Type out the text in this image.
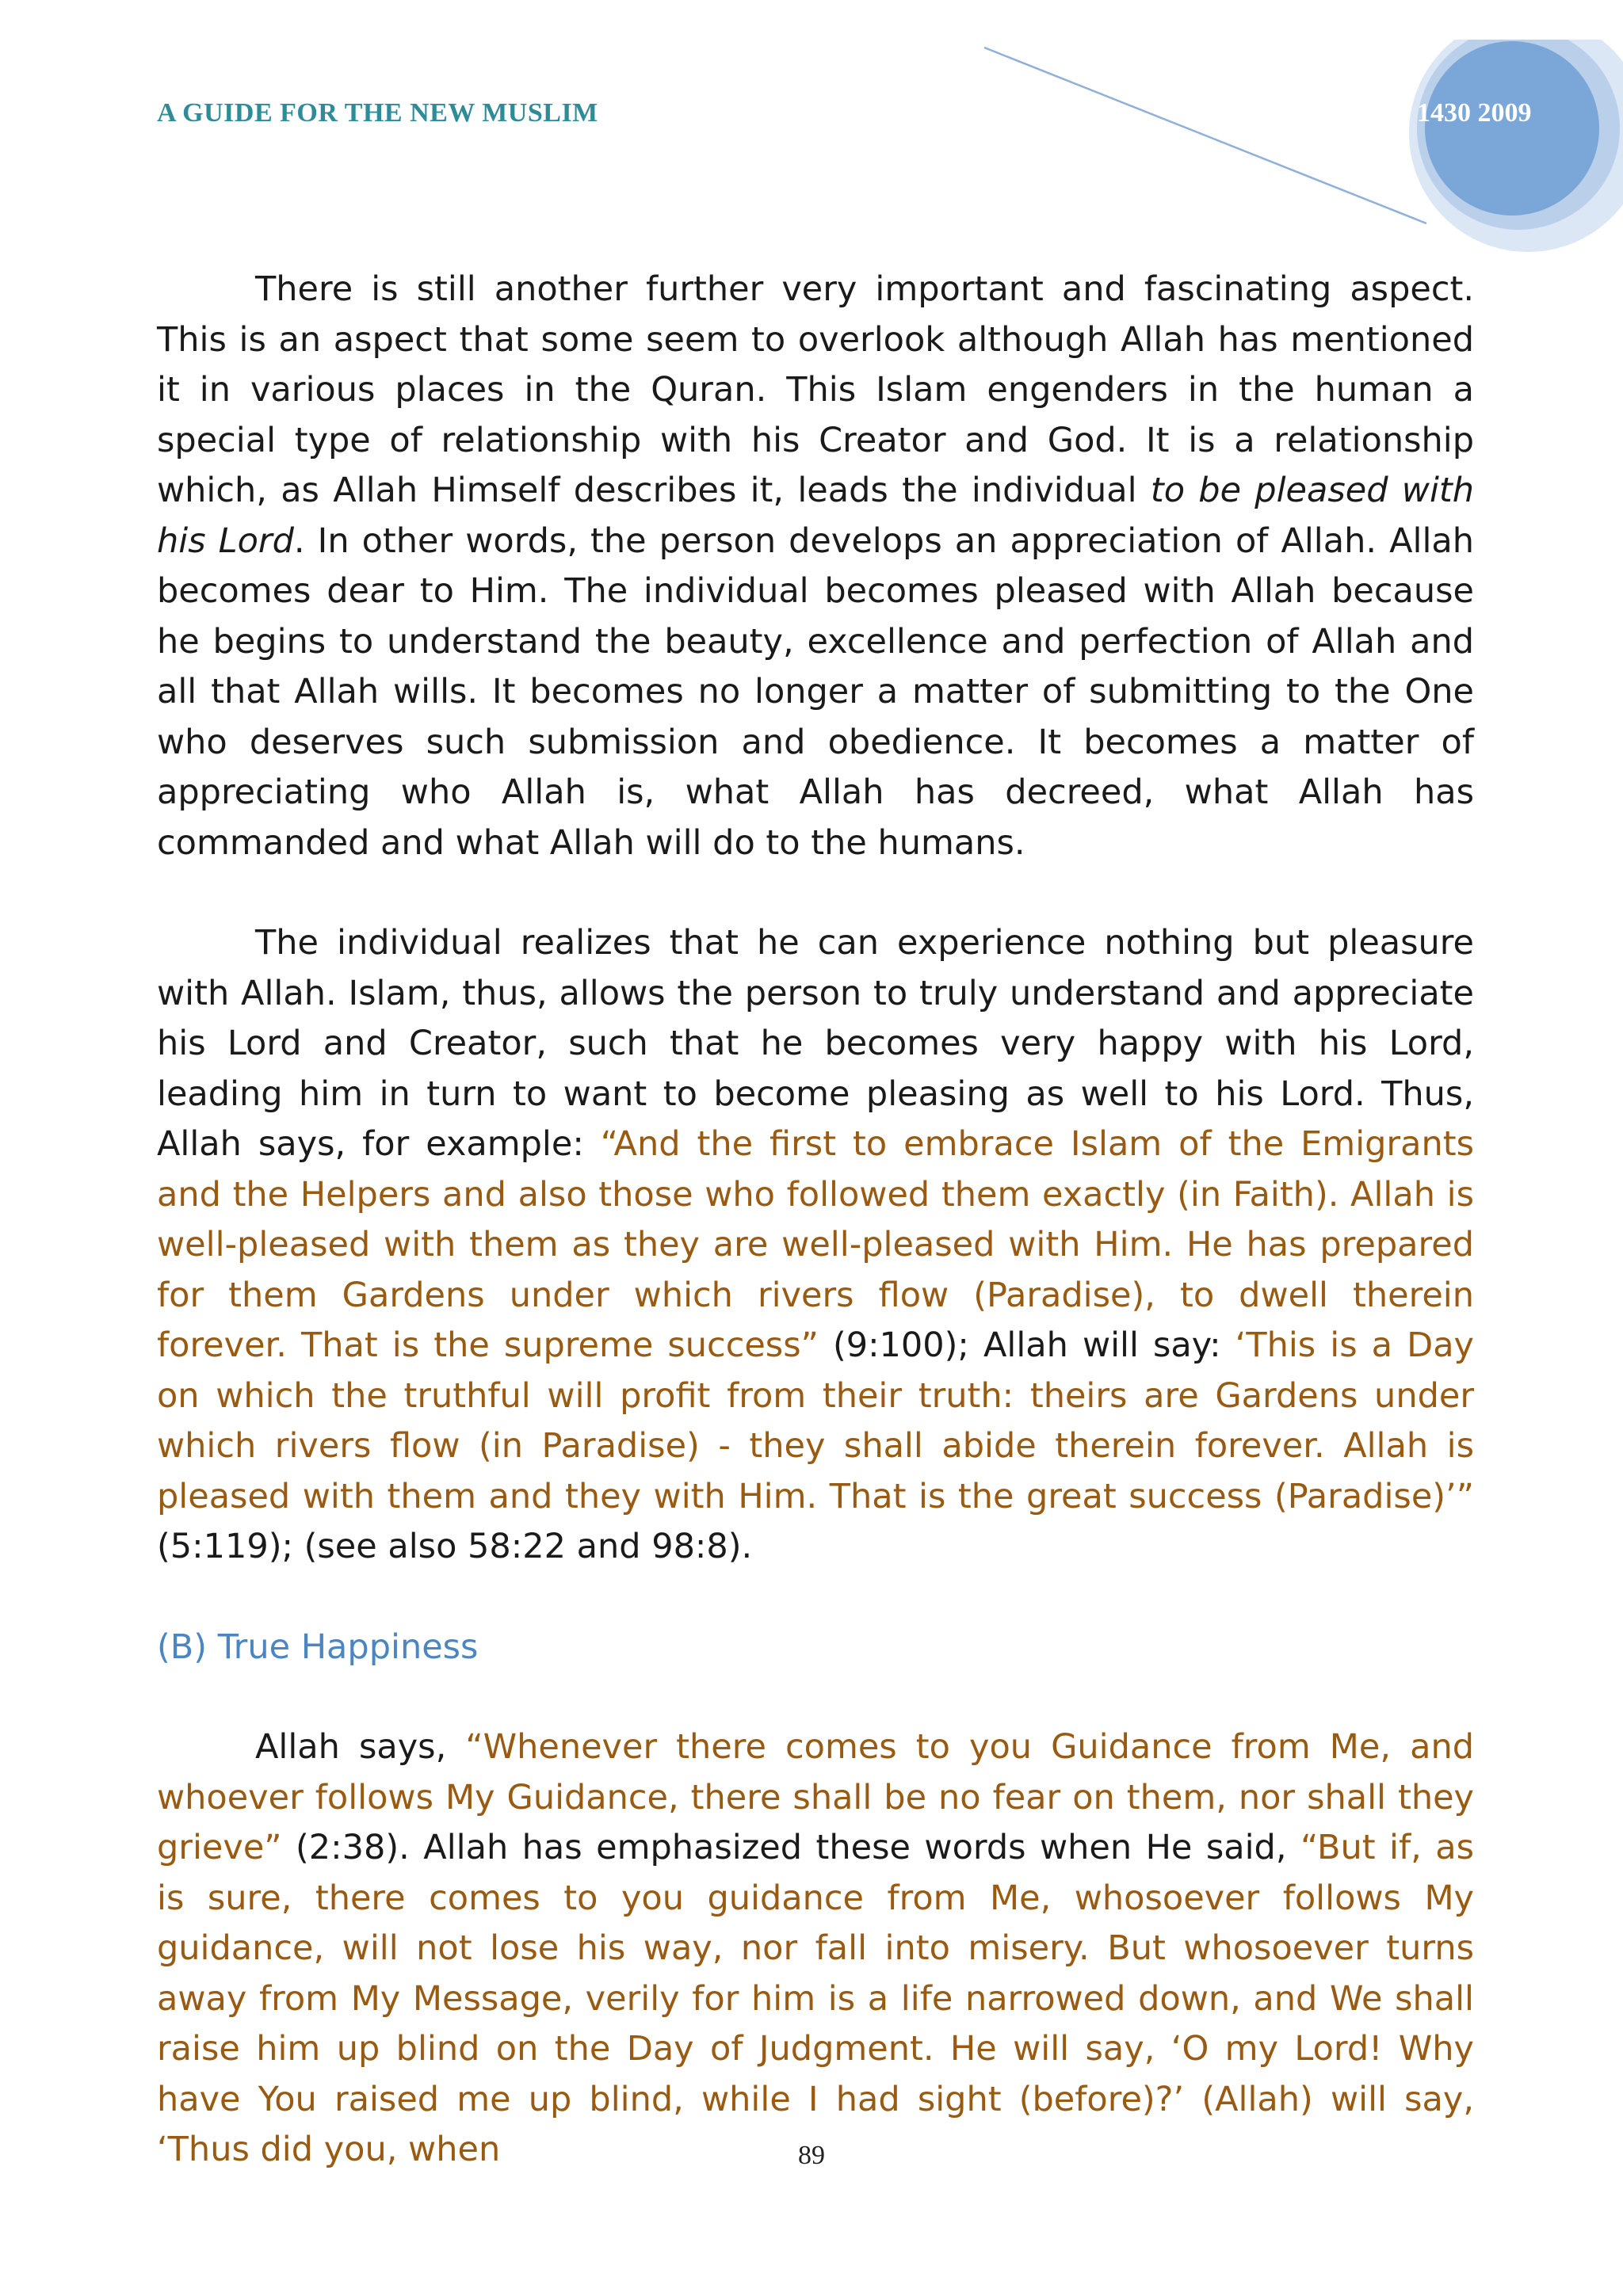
A GUIDE FOR THE NEW MUSLIM	1430 2009

There is still another further very important and fascinating aspect. This is an aspect that some seem to overlook although Allah has mentioned it in various places in the Quran. This Islam engenders in the human a special type of relationship with his Creator and God. It is a relationship which, as Allah Himself describes it, leads the individual to be pleased with his Lord. In other words, the person develops an appreciation of Allah. Allah becomes dear to Him. The individual becomes pleased with Allah because he begins to understand the beauty, excellence and perfection of Allah and all that Allah wills. It becomes no longer a matter of submitting to the One who deserves such submission and obedience. It becomes a matter of appreciating who Allah is, what Allah has decreed, what Allah has commanded and what Allah will do to the humans.

The individual realizes that he can experience nothing but pleasure with Allah. Islam, thus, allows the person to truly understand and appreciate his Lord and Creator, such that he becomes very happy with his Lord, leading him in turn to want to become pleasing as well to his Lord. Thus, Allah says, for example: “And the first to embrace Islam of the Emigrants and the Helpers and also those who followed them exactly (in Faith). Allah is well-pleased with them as they are well-pleased with Him. He has prepared for them Gardens under which rivers flow (Paradise), to dwell therein forever. That is the supreme success” (9:100); Allah will say: ‘This is a Day on which the truthful will profit from their truth: theirs are Gardens under which rivers flow (in Paradise) - they shall abide therein forever. Allah is pleased with them and they with Him. That is the great success (Paradise)’” (5:119); (see also 58:22 and 98:8).

(B) True Happiness

Allah says, “Whenever there comes to you Guidance from Me, and whoever follows My Guidance, there shall be no fear on them, nor shall they grieve” (2:38). Allah has emphasized these words when He said, “But if, as is sure, there comes to you guidance from Me, whosoever follows My guidance, will not lose his way, nor fall into misery. But whosoever turns away from My Message, verily for him is a life narrowed down, and We shall raise him up blind on the Day of Judgment. He will say, ‘O my Lord! Why have You raised me up blind, while I had sight (before)?’ (Allah) will say, ‘Thus did you, when	89
